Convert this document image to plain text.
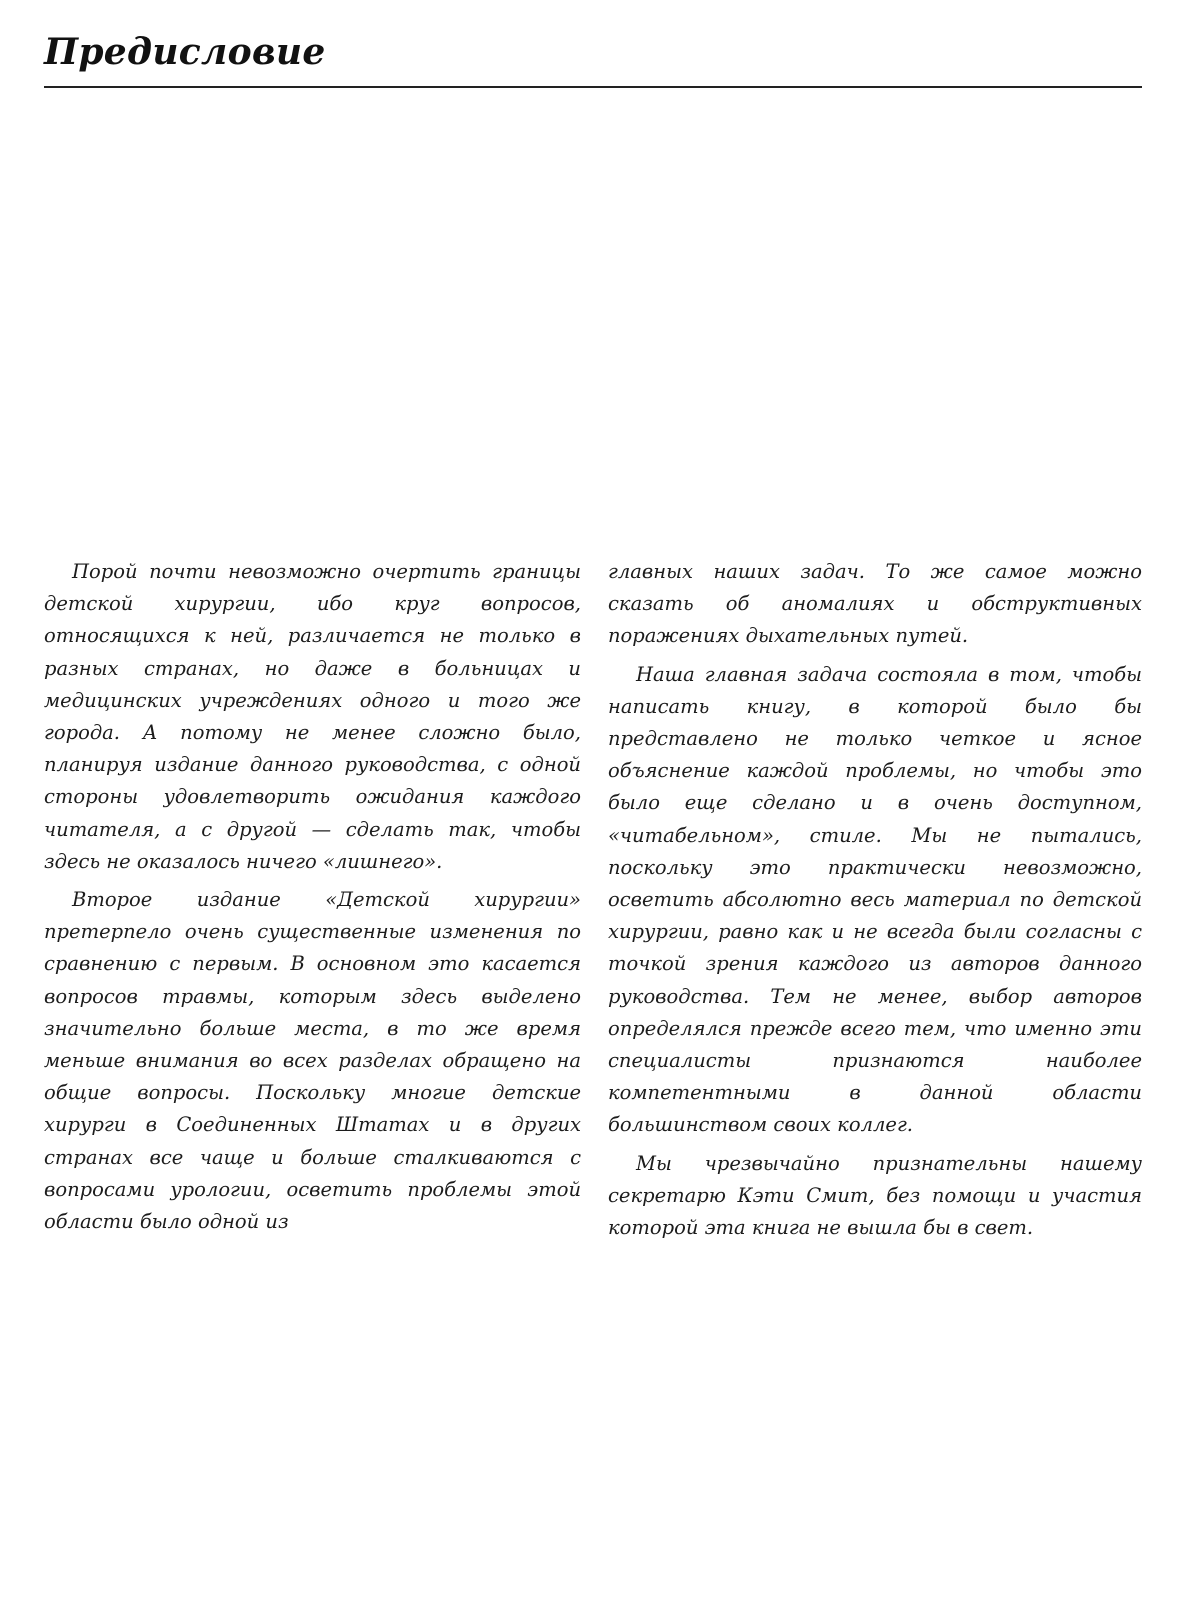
Предисловие

Порой почти невозможно очертить границы детской хирургии, ибо круг вопросов, относящихся к ней, различается не только в разных странах, но даже в больницах и медицинских учреждениях одного и того же города. А потому не менее сложно было, планируя издание данного руководства, с одной стороны удовлетворить ожидания каждого читателя, а с другой — сделать так, чтобы здесь не оказалось ничего «лишнего».

Второе издание «Детской хирургии» претерпело очень существенные изменения по сравнению с первым. В основном это касается вопросов травмы, которым здесь выделено значительно больше места, в то же время меньше внимания во всех разделах обращено на общие вопросы. Поскольку многие детские хирурги в Соединенных Штатах и в других странах все чаще и больше сталкиваются с вопросами урологии, осветить проблемы этой области было одной из

главных наших задач. То же самое можно сказать об аномалиях и обструктивных поражениях дыхательных путей.

Наша главная задача состояла в том, чтобы написать книгу, в которой было бы представлено не только четкое и ясное объяснение каждой проблемы, но чтобы это было еще сделано и в очень доступном, «читабельном», стиле. Мы не пытались, поскольку это практически невозможно, осветить абсолютно весь материал по детской хирургии, равно как и не всегда были согласны с точкой зрения каждого из авторов данного руководства. Тем не менее, выбор авторов определялся прежде всего тем, что именно эти специалисты признаются наиболее компетентными в данной области большинством своих коллег.

Мы чрезвычайно признательны нашему секретарю Кэти Смит, без помощи и участия которой эта книга не вышла бы в свет.
